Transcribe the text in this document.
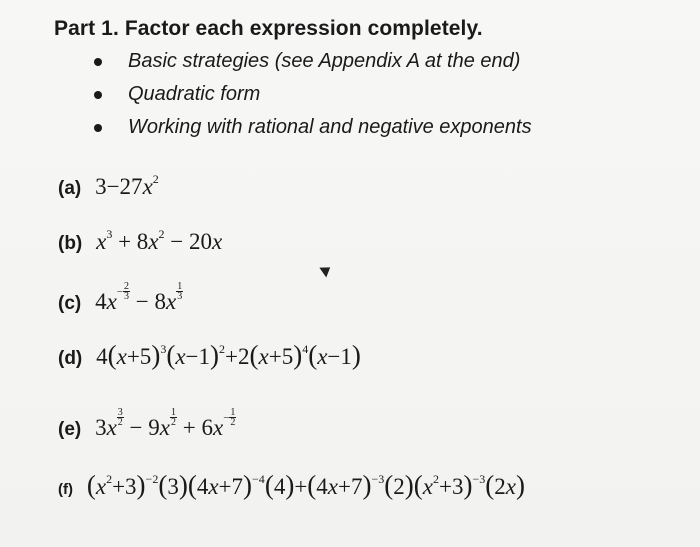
Part 1. Factor each expression completely.
Basic strategies (see Appendix A at the end)
Quadratic form
Working with rational and negative exponents
(a) $3-27x^2$
(b) $x^3 + 8x^2 - 20x$
(c) $4x^- \frac{2}{3} - 8x \frac{1}{3}$
(d) $4(x+5)^3(x-1)^2+2(x+5)^4(x-1)$
(e) $3x \frac{3}{2} - 9x \frac{1}{2} + 6x^- \frac{1}{2}$
(f) $(x^2+3)^{-2}(3)(4x+7)^{-4}(4)+(4x+7)^{-3}(2)(x^2+3)^{-3}(2x)$
